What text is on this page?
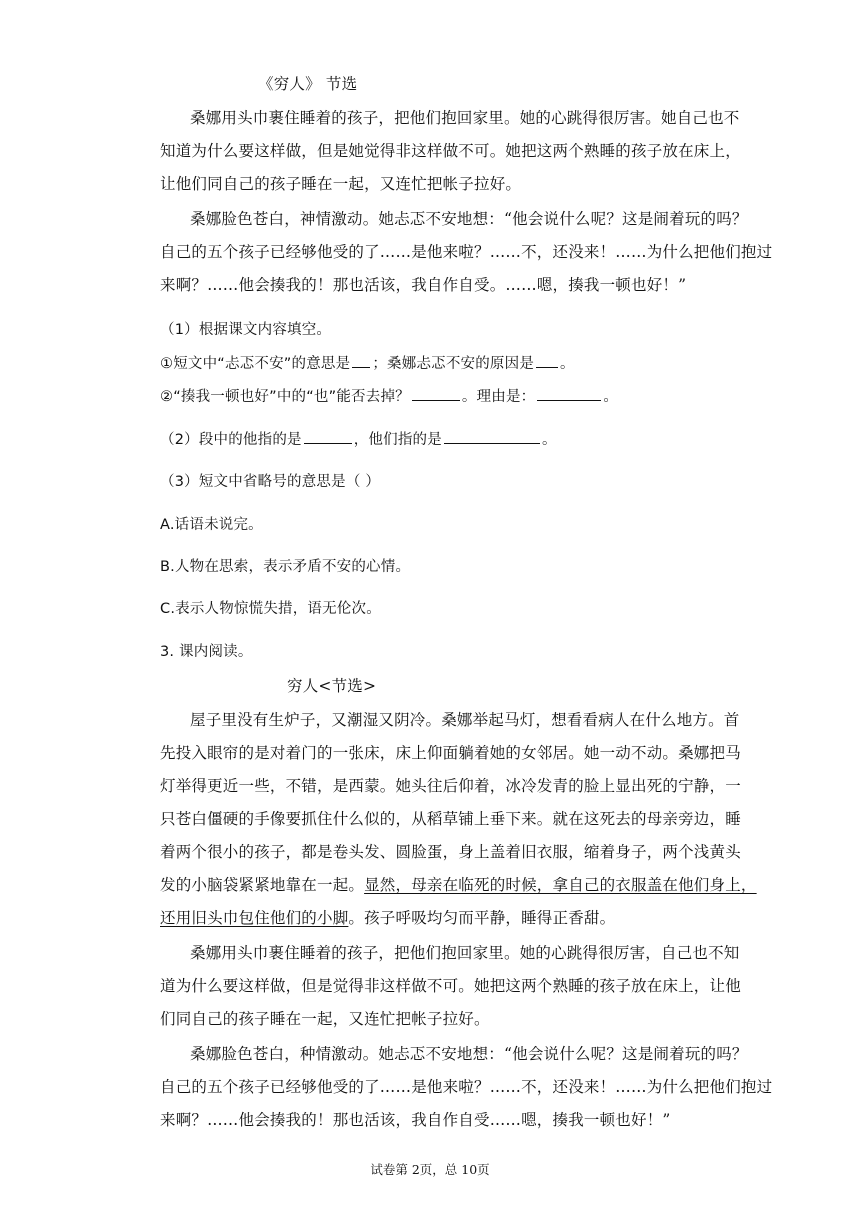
《穷人》 节选
桑娜用头巾裹住睡着的孩子，把他们抱回家里。她的心跳得很厉害。她自己也不
知道为什么要这样做，但是她觉得非这样做不可。她把这两个熟睡的孩子放在床上，
让他们同自己的孩子睡在一起，又连忙把帐子拉好。
桑娜脸色苍白，神情激动。她忐忑不安地想：“他会说什么呢？这是闹着玩的吗？
自己的五个孩子已经够他受的了……是他来啦？……不，还没来！……为什么把他们抱过
来啊？……他会揍我的！那也活该，我自作自受。……嗯，揍我一顿也好！”
（1）根据课文内容填空。
①短文中“忐忑不安”的意思是 ；桑娜忐忑不安的原因是 。
②“揍我一顿也好”中的“也”能否去掉？	。理由是：	。
（2）段中的他指的是	，他们指的是	。
（3）短文中省略号的意思是（ ）
A.话语未说完。
B.人物在思索，表示矛盾不安的心情。
C.表示人物惊慌失措，语无伦次。
3. 课内阅读。
穷人<节选>
屋子里没有生炉子，又潮湿又阴冷。桑娜举起马灯，想看看病人在什么地方。首
先投入眼帘的是对着门的一张床，床上仰面躺着她的女邻居。她一动不动。桑娜把马
灯举得更近一些，不错，是西蒙。她头往后仰着，冰冷发青的脸上显出死的宁静，一
只苍白僵硬的手像要抓住什么似的，从稻草铺上垂下来。就在这死去的母亲旁边，睡
着两个很小的孩子，都是卷头发、圆脸蛋，身上盖着旧衣服，缩着身子，两个浅黄头
发的小脑袋紧紧地靠在一起。显然，母亲在临死的时候，拿自己的衣服盖在他们身上，
还用旧头巾包住他们的小脚。孩子呼吸均匀而平静，睡得正香甜。
桑娜用头巾裹住睡着的孩子，把他们抱回家里。她的心跳得很厉害，自己也不知
道为什么要这样做，但是觉得非这样做不可。她把这两个熟睡的孩子放在床上，让他
们同自己的孩子睡在一起，又连忙把帐子拉好。
桑娜脸色苍白，种情激动。她忐忑不安地想：“他会说什么呢？这是闹着玩的吗？
自己的五个孩子已经够他受的了……是他来啦？……不，还没来！……为什么把他们抱过
来啊？……他会揍我的！那也活该，我自作自受……嗯，揍我一顿也好！”
试卷第 2页，总 10页
